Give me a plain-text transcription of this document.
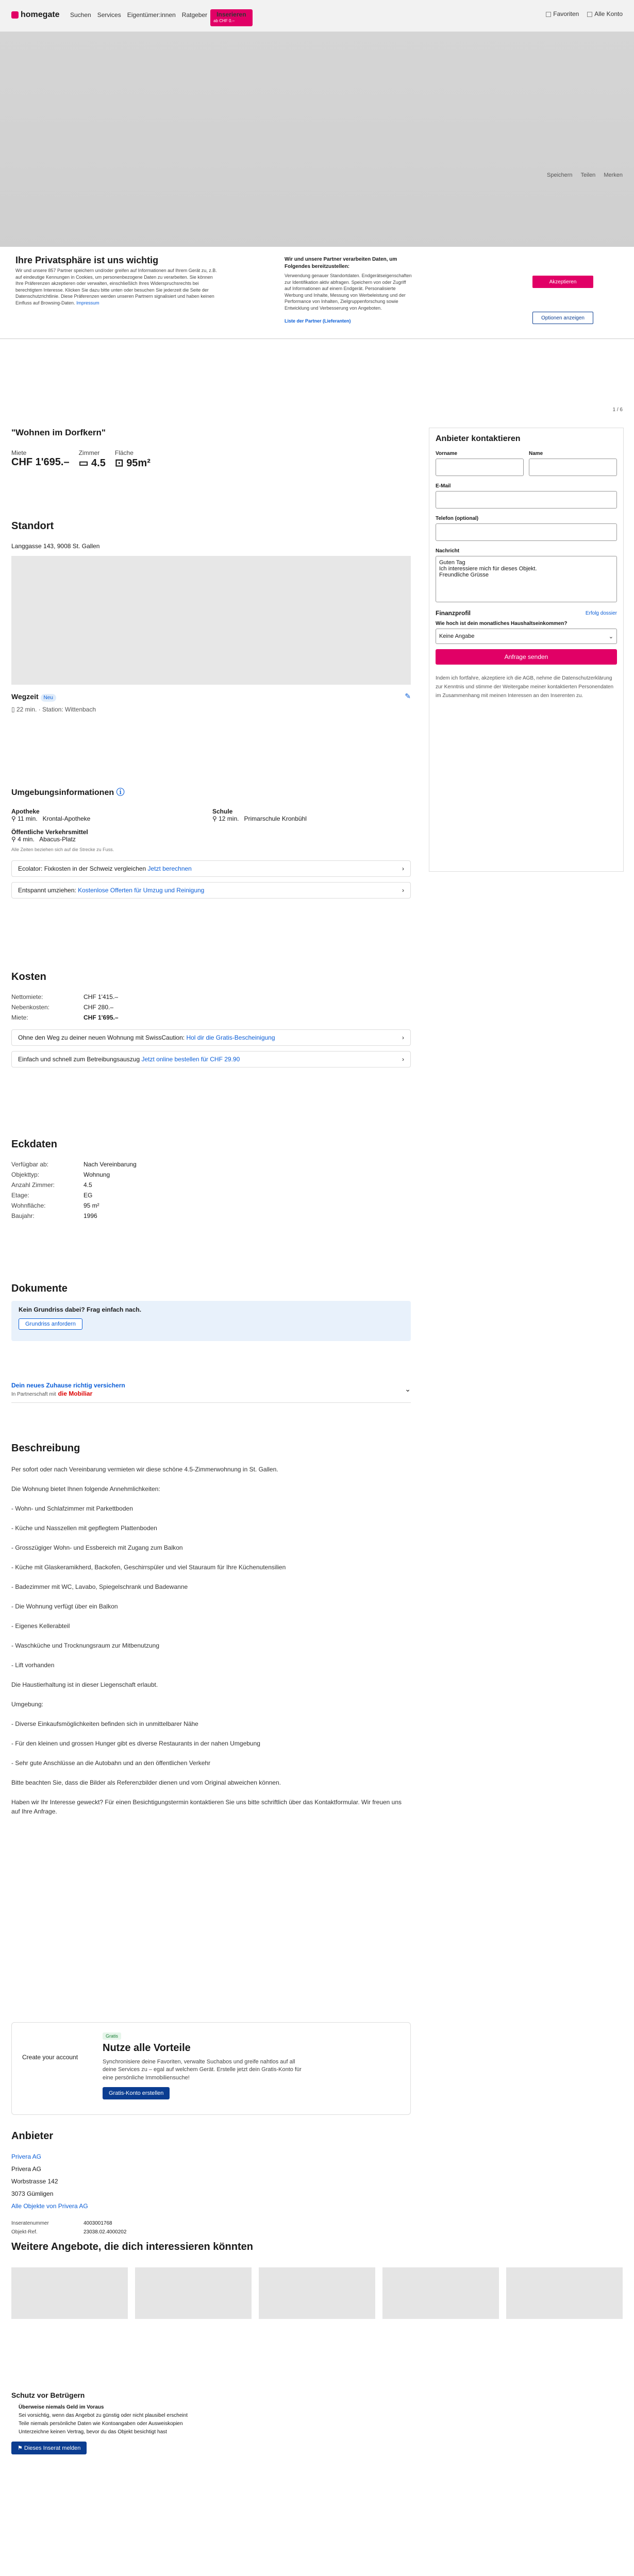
homegate	Suchen	Services	Eigentümer:innen	Ratgeber	Inserieren
ab CHF 0.–
Favoriten	Alle Konto
Speichern Teilen Merken
Ihre Privatsphäre ist uns wichtig
Wir und unsere 857 Partner speichern und/oder greifen auf Informationen auf Ihrem Gerät zu, z.B. auf eindeutige Kennungen in Cookies, um personenbezogene Daten zu verarbeiten. Sie können Ihre Präferenzen akzeptieren oder verwalten, einschließlich Ihres Widerspruchsrechts bei berechtigtem Interesse. Klicken Sie dazu bitte unten oder besuchen Sie jederzeit die Seite der Datenschutzrichtlinie. Diese Präferenzen werden unseren Partnern signalisiert und haben keinen Einfluss auf Browsing-Daten. Impressum
Wir und unsere Partner verarbeiten Daten, um Folgendes bereitzustellen:
Verwendung genauer Standortdaten. Endgerätseigenschaften zur Identifikation aktiv abfragen. Speichern von oder Zugriff auf Informationen auf einem Endgerät. Personalisierte Werbung und Inhalte, Messung von Werbeleistung und der Performance von Inhalten, Zielgruppenforschung sowie Entwicklung und Verbesserung von Angeboten.

Liste der Partner (Lieferanten)
Akzeptieren
Optionen anzeigen
1 / 6
"Wohnen im Dorfkern"
Miete
CHF 1'695.–
Zimmer
▭ 4.5
Fläche
⊡ 95m²
Standort
Langgasse 143, 9008 St. Gallen
Wegzeit Neu	✎
▯ 22 min. · Station: Wittenbach
Umgebungsinformationen ⓘ
Apotheke
⚲ 11 min. Krontal-Apotheke
Schule
⚲ 12 min. Primarschule Kronbühl
Öffentliche Verkehrsmittel
⚲ 4 min. Abacus-Platz
Alle Zeiten beziehen sich auf die Strecke zu Fuss.
Ecolator: Fixkosten in der Schweiz vergleichen Jetzt berechnen	›
Entspannt umziehen: Kostenlose Offerten für Umzug und Reinigung	›
Kosten
Nettomiete:	CHF 1'415.–
Nebenkosten:	CHF 280.–
Miete:	CHF 1'695.–
Ohne den Weg zu deiner neuen Wohnung mit SwissCaution: Hol dir die Gratis-Bescheinigung	›
Einfach und schnell zum Betreibungsauszug Jetzt online bestellen für CHF 29.90	›
Eckdaten
Verfügbar ab:	Nach Vereinbarung
Objekttyp:	Wohnung
Anzahl Zimmer:	4.5
Etage:	EG
Wohnfläche:	95 m²
Baujahr:	1996
Dokumente
Kein Grundriss dabei? Frag einfach nach.
Grundriss anfordern
Dein neues Zuhause richtig versichern
In Partnerschaft mit die Mobiliar
⌄
Beschreibung

Per sofort oder nach Vereinbarung vermieten wir diese schöne 4.5-Zimmerwohnung in St. Gallen.

Die Wohnung bietet Ihnen folgende Annehmlichkeiten:

- Wohn- und Schlafzimmer mit Parkettboden

- Küche und Nasszellen mit gepflegtem Plattenboden

- Grosszügiger Wohn- und Essbereich mit Zugang zum Balkon

- Küche mit Glaskeramikherd, Backofen, Geschirrspüler und viel Stauraum für Ihre Küchenutensilien

- Badezimmer mit WC, Lavabo, Spiegelschrank und Badewanne

- Die Wohnung verfügt über ein Balkon

- Eigenes Kellerabteil

- Waschküche und Trocknungsraum zur Mitbenutzung

- Lift vorhanden

Die Haustierhaltung ist in dieser Liegenschaft erlaubt.

Umgebung:

- Diverse Einkaufsmöglichkeiten befinden sich in unmittelbarer Nähe

- Für den kleinen und grossen Hunger gibt es diverse Restaurants in der nahen Umgebung

- Sehr gute Anschlüsse an die Autobahn und an den öffentlichen Verkehr

Bitte beachten Sie, dass die Bilder als Referenzbilder dienen und vom Original abweichen können.

Haben wir Ihr Interesse geweckt? Für einen Besichtigungstermin kontaktieren Sie uns bitte schriftlich über das Kontaktformular. Wir freuen uns auf Ihre Anfrage.

Create your account
Gratis
Nutze alle Vorteile

Synchronisiere deine Favoriten, verwalte Suchabos und greife nahtlos auf all deine Services zu – egal auf welchem Gerät. Erstelle jetzt dein Gratis-Konto für eine persönliche Immobiliensuche!

Gratis-Konto erstellen
Anbieter
Privera AG
Privera AG
Worbstrasse 142
3073 Gümligen
Alle Objekte von Privera AG
Inseratenummer	4003001768
Objekt-Ref.	23038.02.4000202
Anbieter kontaktieren
Vorname	Name
E-Mail
Telefon (optional)
Nachricht
Guten Tag
Ich interessiere mich für dieses Objekt.
Freundliche Grüsse
Finanzprofil	Erfolg dossier
Wie hoch ist dein monatliches Haushaltseinkommen?
Keine Angabe	⌄
Anfrage senden
Indem ich fortfahre, akzeptiere ich die AGB, nehme die Datenschutzerklärung zur Kenntnis und stimme der Weitergabe meiner kontaktierten Personendaten im Zusammenhang mit meinen Interessen an den Inserenten zu.
Weitere Angebote, die dich interessieren könnten
Schutz vor Betrügern
Überweise niemals Geld im Voraus
Sei vorsichtig, wenn das Angebot zu günstig oder nicht plausibel erscheint
Teile niemals persönliche Daten wie Kontoangaben oder Ausweiskopien
Unterzeichne keinen Vertrag, bevor du das Objekt besichtigt hast
⚑ Dieses Inserat melden
